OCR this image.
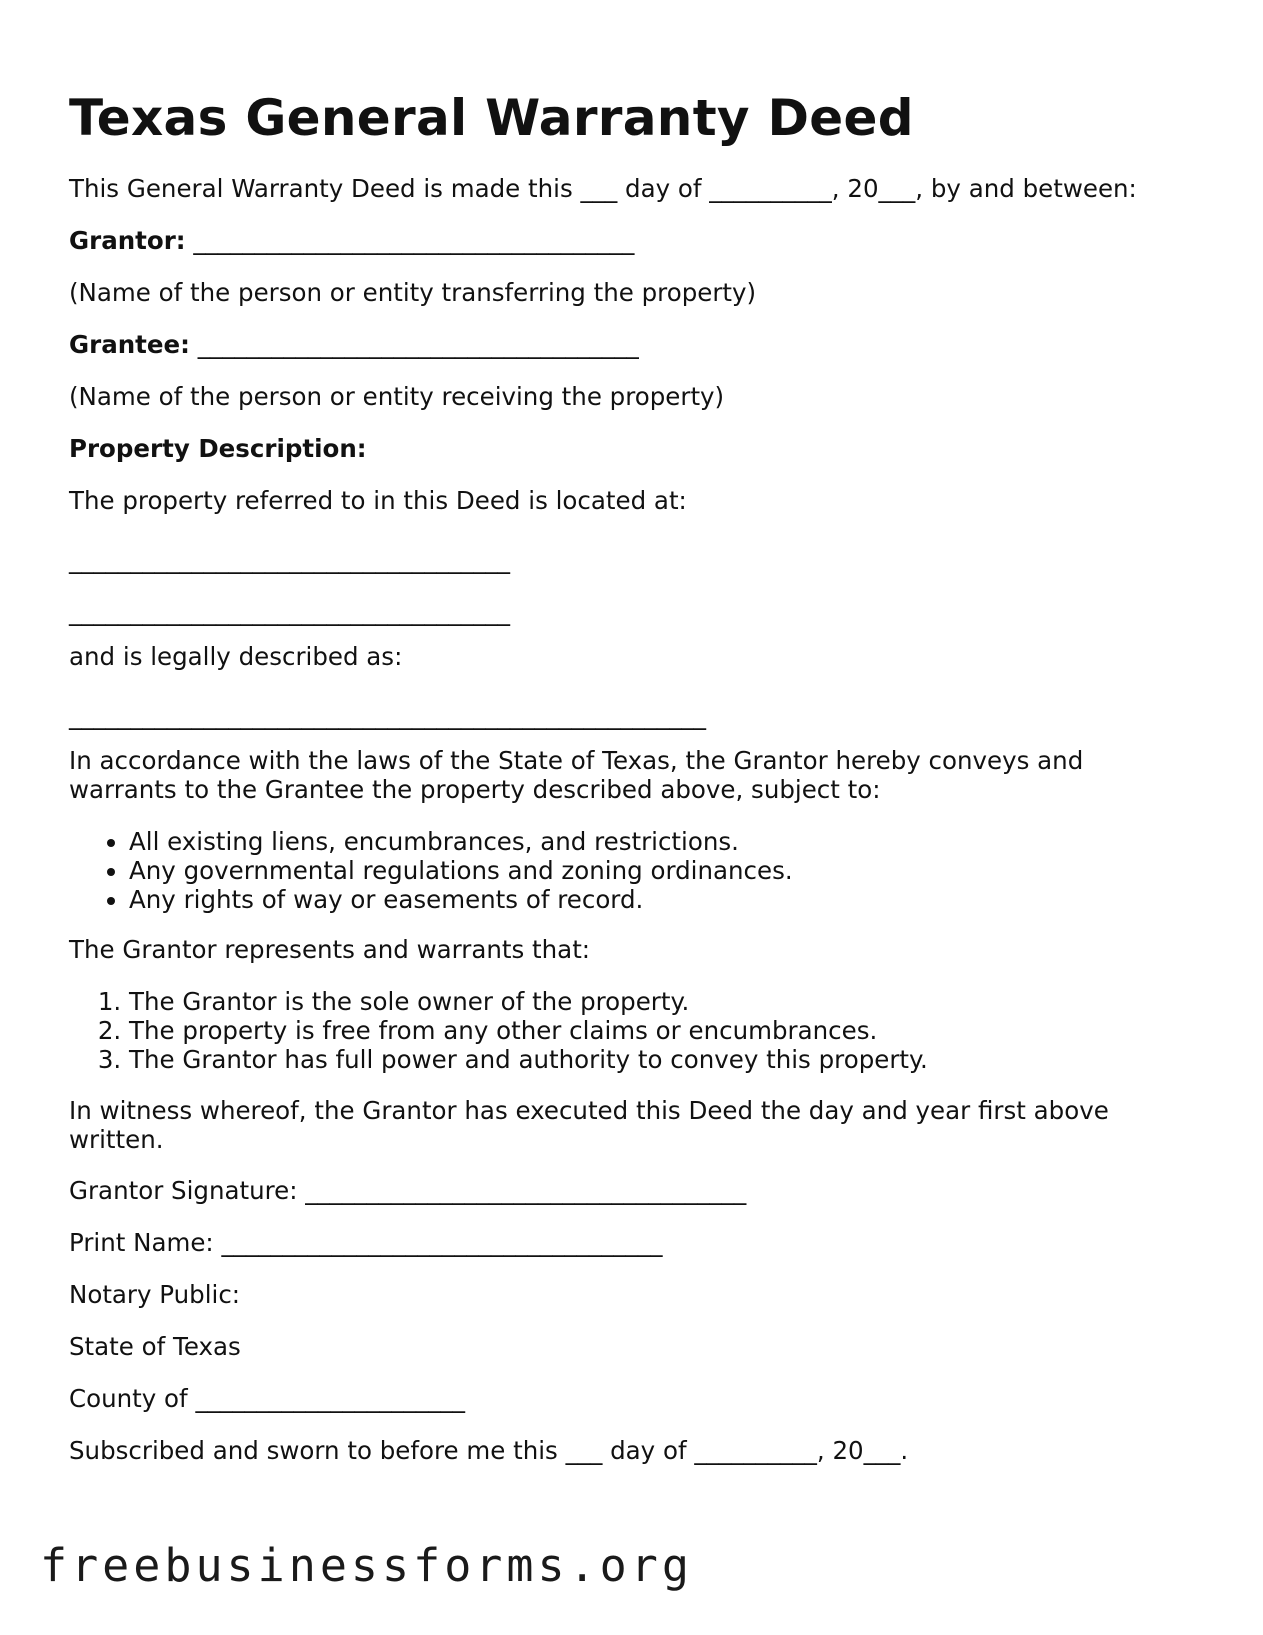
Texas General Warranty Deed

This General Warranty Deed is made this ___ day of __________, 20___, by and between:

Grantor: ____________________________________

(Name of the person or entity transferring the property)

Grantee: ____________________________________

(Name of the person or entity receiving the property)

Property Description:

The property referred to in this Deed is located at:

____________________________________

____________________________________

and is legally described as:

____________________________________________________

In accordance with the laws of the State of Texas, the Grantor hereby conveys and warrants to the Grantee the property described above, subject to:

• All existing liens, encumbrances, and restrictions.
• Any governmental regulations and zoning ordinances.
• Any rights of way or easements of record.

The Grantor represents and warrants that:

1. The Grantor is the sole owner of the property.
2. The property is free from any other claims or encumbrances.
3. The Grantor has full power and authority to convey this property.

In witness whereof, the Grantor has executed this Deed the day and year first above written.

Grantor Signature: ____________________________________

Print Name: ____________________________________

Notary Public:

State of Texas

County of ______________________

Subscribed and sworn to before me this ___ day of __________, 20___.

freebusinessforms.org
